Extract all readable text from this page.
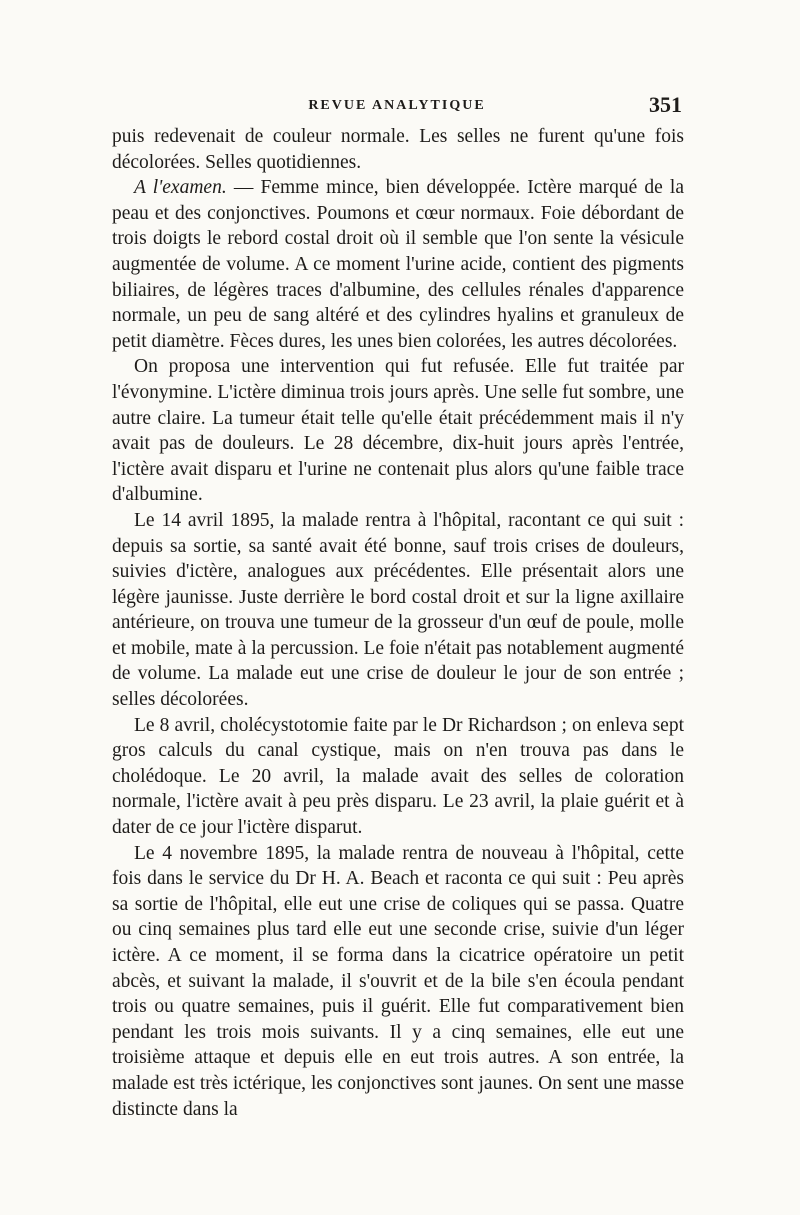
REVUE ANALYTIQUE	351

puis redevenait de couleur normale. Les selles ne furent qu'une fois décolorées. Selles quotidiennes.

A l'examen. — Femme mince, bien développée. Ictère marqué de la peau et des conjonctives. Poumons et cœur normaux. Foie débordant de trois doigts le rebord costal droit où il semble que l'on sente la vésicule augmentée de volume. A ce moment l'urine acide, contient des pigments biliaires, de légères traces d'albumine, des cellules rénales d'apparence normale, un peu de sang altéré et des cylindres hyalins et granuleux de petit diamètre. Fèces dures, les unes bien colorées, les autres décolorées.

On proposa une intervention qui fut refusée. Elle fut traitée par l'évonymine. L'ictère diminua trois jours après. Une selle fut sombre, une autre claire. La tumeur était telle qu'elle était précédemment mais il n'y avait pas de douleurs. Le 28 décembre, dix-huit jours après l'entrée, l'ictère avait disparu et l'urine ne contenait plus alors qu'une faible trace d'albumine.

Le 14 avril 1895, la malade rentra à l'hôpital, racontant ce qui suit : depuis sa sortie, sa santé avait été bonne, sauf trois crises de douleurs, suivies d'ictère, analogues aux précédentes. Elle présentait alors une légère jaunisse. Juste derrière le bord costal droit et sur la ligne axillaire antérieure, on trouva une tumeur de la grosseur d'un œuf de poule, molle et mobile, mate à la percussion. Le foie n'était pas notablement augmenté de volume. La malade eut une crise de douleur le jour de son entrée ; selles décolorées.

Le 8 avril, cholécystotomie faite par le Dr Richardson ; on enleva sept gros calculs du canal cystique, mais on n'en trouva pas dans le cholédoque. Le 20 avril, la malade avait des selles de coloration normale, l'ictère avait à peu près disparu. Le 23 avril, la plaie guérit et à dater de ce jour l'ictère disparut.

Le 4 novembre 1895, la malade rentra de nouveau à l'hôpital, cette fois dans le service du Dr H. A. Beach et raconta ce qui suit : Peu après sa sortie de l'hôpital, elle eut une crise de coliques qui se passa. Quatre ou cinq semaines plus tard elle eut une seconde crise, suivie d'un léger ictère. A ce moment, il se forma dans la cicatrice opératoire un petit abcès, et suivant la malade, il s'ouvrit et de la bile s'en écoula pendant trois ou quatre semaines, puis il guérit. Elle fut comparativement bien pendant les trois mois suivants. Il y a cinq semaines, elle eut une troisième attaque et depuis elle en eut trois autres. A son entrée, la malade est très ictérique, les conjonctives sont jaunes. On sent une masse distincte dans la
